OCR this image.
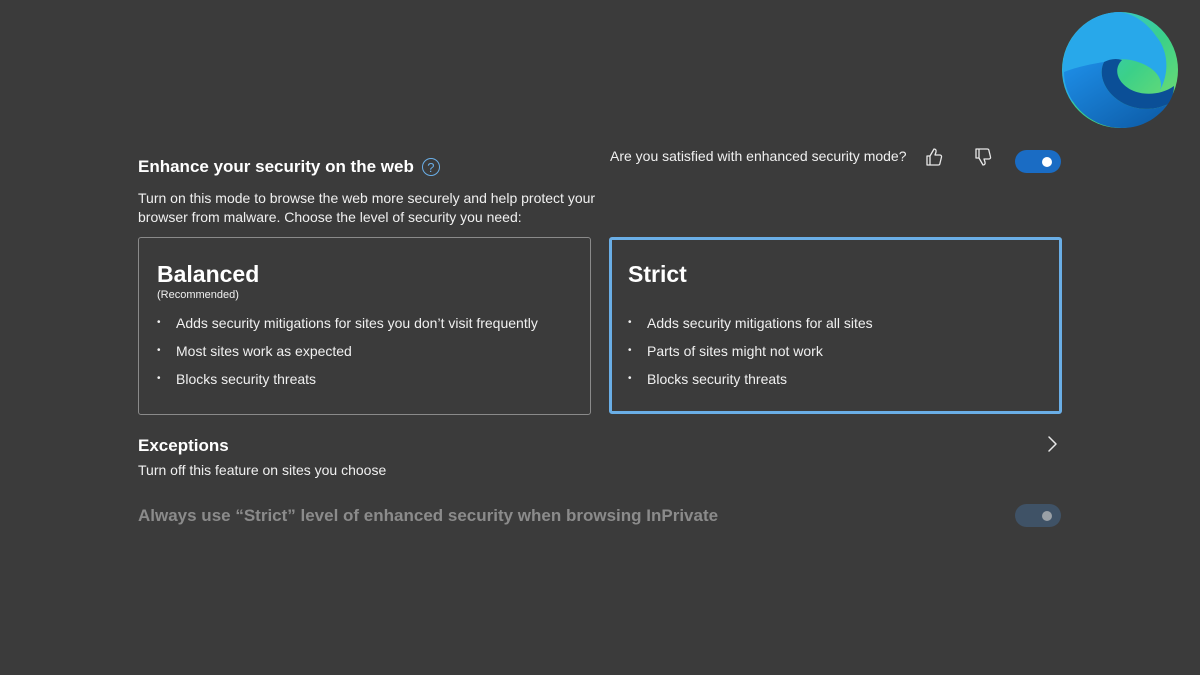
Enhance your security on the web	?
Are you satisfied with enhanced security mode?
Turn on this mode to browse the web more securely and help protect your browser from malware. Choose the level of security you need:
Balanced
(Recommended)
• Adds security mitigations for sites you don’t visit frequently
• Most sites work as expected
• Blocks security threats
Strict
• Adds security mitigations for all sites
• Parts of sites might not work
• Blocks security threats
Exceptions
Turn off this feature on sites you choose
Always use “Strict” level of enhanced security when browsing InPrivate
